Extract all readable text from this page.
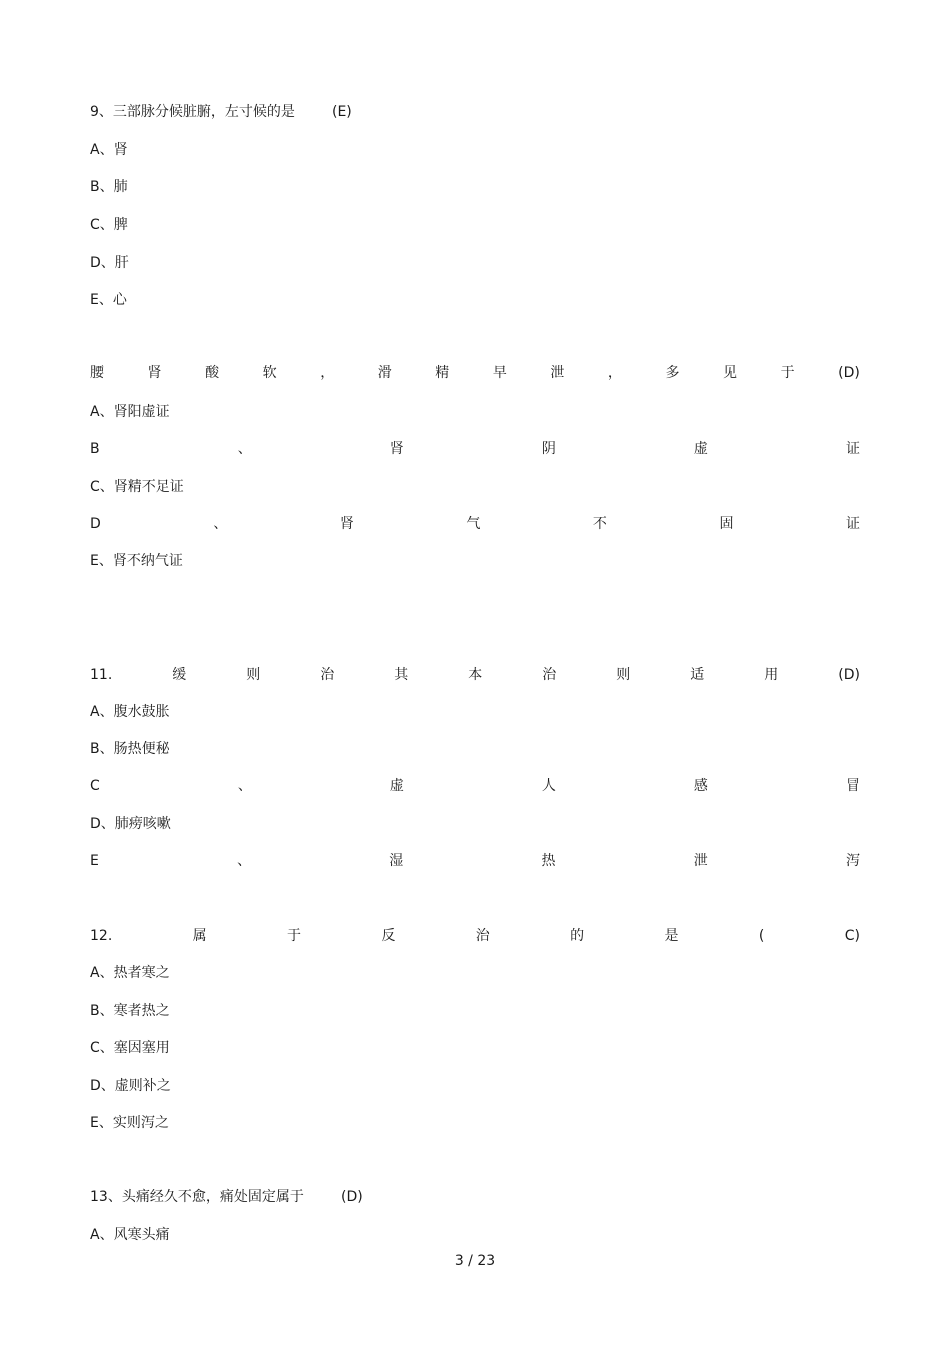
9、三部脉分候脏腑，左寸候的是	(E)
A、肾
B、肺
C、脾
D、肝
E、心
腰	肾	酸	软	，	滑	精	早	泄	，	多	见	于	(D)
A、肾阳虚证
B	、	肾	阴	虚	证
C、肾精不足证
D	、	肾	气	不	固	证
E、肾不纳气证
11.	缓	则	治	其	本	治	则	适	用	(D)
A、腹水鼓胀
B、肠热便秘
C	、	虚	人	感	冒
D、肺痨咳嗽
E	、	湿	热	泄	泻
12.	属	于	反	治	的	是	(	C)
A、热者寒之
B、寒者热之
C、塞因塞用
D、虚则补之
E、实则泻之
13、头痛经久不愈，痛处固定属于	(D)
A、风寒头痛
3 / 23
